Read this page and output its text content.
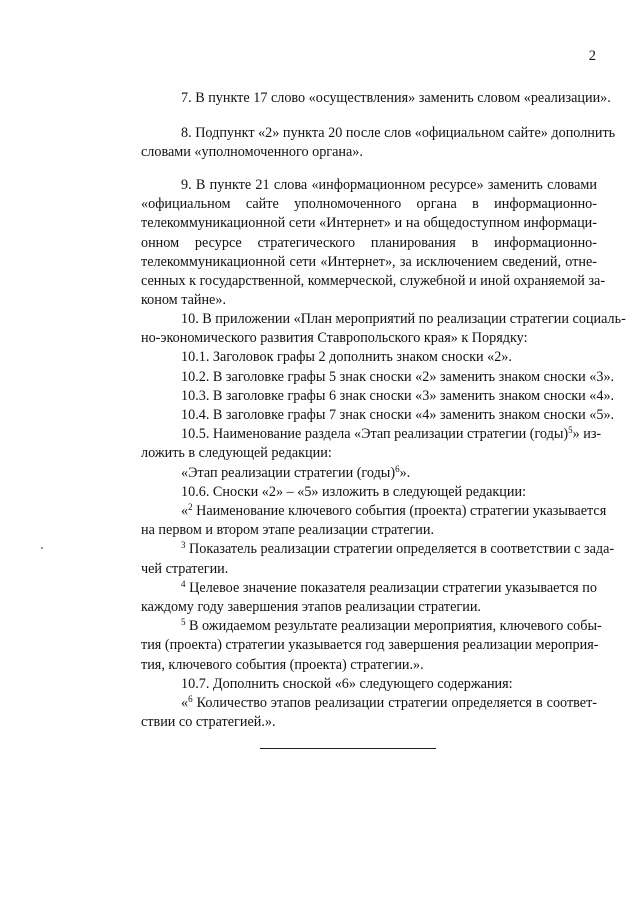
2
7. В пункте 17 слово «осуществления» заменить словом «реализации».
8. Подпункт «2» пункта 20 после слов «официальном сайте» дополнить
словами «уполномоченного органа».
9. В пункте 21 слова «информационном ресурсе» заменить словами
«официальном сайте уполномоченного органа в информационно-
телекоммуникационной сети «Интернет» и на общедоступном информаци-
онном ресурсе стратегического планирования в информационно-
телекоммуникационной сети «Интернет», за исключением сведений, отне-
сенных к государственной, коммерческой, служебной и иной охраняемой за-
коном тайне».
10. В приложении «План мероприятий по реализации стратегии социаль-
но-экономического развития Ставропольского края» к Порядку:
10.1. Заголовок графы 2 дополнить знаком сноски «2».
10.2. В заголовке графы 5 знак сноски «2» заменить знаком сноски «3».
10.3. В заголовке графы 6 знак сноски «3» заменить знаком сноски «4».
10.4. В заголовке графы 7 знак сноски «4» заменить знаком сноски «5».
10.5. Наименование раздела «Этап реализации стратегии (годы)$^5$» из-
ложить в следующей редакции:
«Этап реализации стратегии (годы)$^6$».
10.6. Сноски «2» – «5» изложить в следующей редакции:
«$^2$ Наименование ключевого события (проекта) стратегии указывается
на первом и втором этапе реализации стратегии.
$^3$ Показатель реализации стратегии определяется в соответствии с зада-
чей стратегии.
$^4$ Целевое значение показателя реализации стратегии указывается по
каждому году завершения этапов реализации стратегии.
$^5$ В ожидаемом результате реализации мероприятия, ключевого собы-
тия (проекта) стратегии указывается год завершения реализации мероприя-
тия, ключевого события (проекта) стратегии.».
10.7. Дополнить сноской «6» следующего содержания:
«$^6$ Количество этапов реализации стратегии определяется в соответ-
ствии со стратегией.».
